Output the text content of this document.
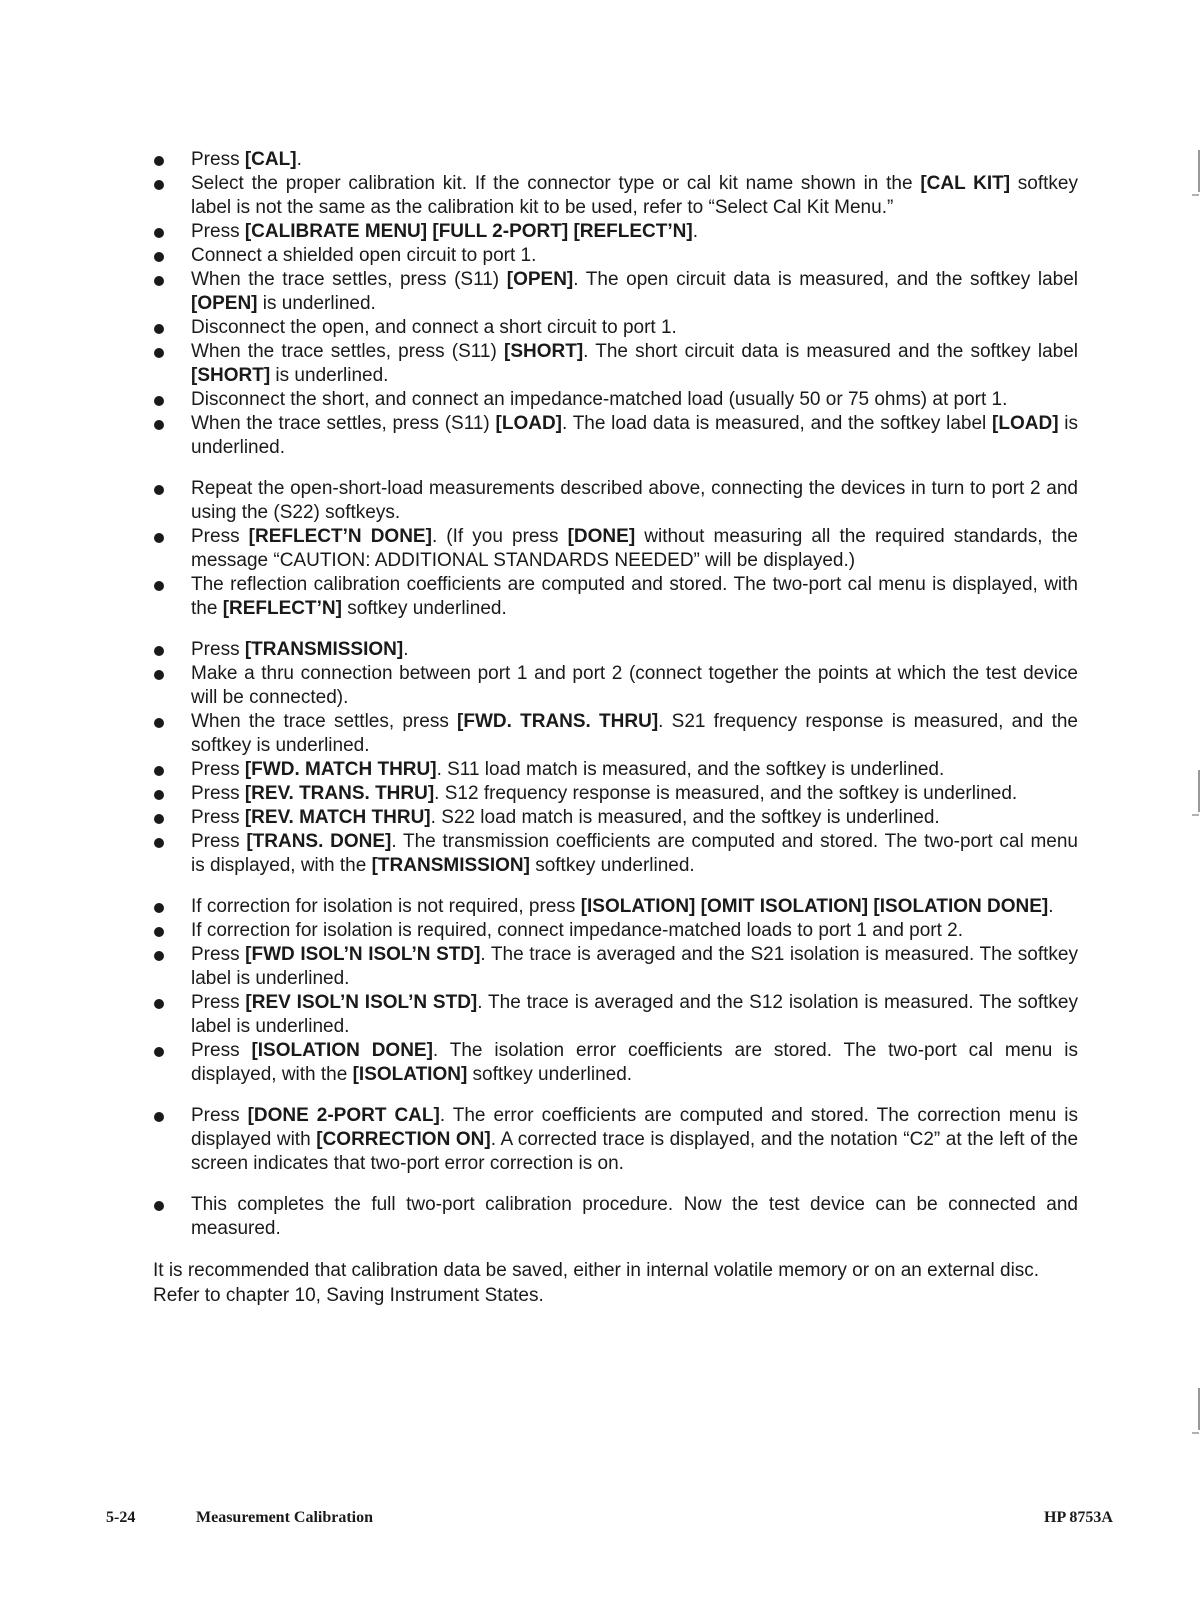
Press [CAL].
Select the proper calibration kit. If the connector type or cal kit name shown in the [CAL KIT] softkey label is not the same as the calibration kit to be used, refer to “Select Cal Kit Menu.”
Press [CALIBRATE MENU] [FULL 2-PORT] [REFLECT’N].
Connect a shielded open circuit to port 1.
When the trace settles, press (S11) [OPEN]. The open circuit data is measured, and the softkey label [OPEN] is underlined.
Disconnect the open, and connect a short circuit to port 1.
When the trace settles, press (S11) [SHORT]. The short circuit data is measured and the softkey label [SHORT] is underlined.
Disconnect the short, and connect an impedance-matched load (usually 50 or 75 ohms) at port 1.
When the trace settles, press (S11) [LOAD]. The load data is measured, and the softkey label [LOAD] is underlined.
Repeat the open-short-load measurements described above, connecting the devices in turn to port 2 and using the (S22) softkeys.
Press [REFLECT’N DONE]. (If you press [DONE] without measuring all the required standards, the message “CAUTION: ADDITIONAL STANDARDS NEEDED” will be displayed.)
The reflection calibration coefficients are computed and stored. The two-port cal menu is displayed, with the [REFLECT’N] softkey underlined.
Press [TRANSMISSION].
Make a thru connection between port 1 and port 2 (connect together the points at which the test device will be connected).
When the trace settles, press [FWD. TRANS. THRU]. S21 frequency response is measured, and the softkey is underlined.
Press [FWD. MATCH THRU]. S11 load match is measured, and the softkey is underlined.
Press [REV. TRANS. THRU]. S12 frequency response is measured, and the softkey is underlined.
Press [REV. MATCH THRU]. S22 load match is measured, and the softkey is underlined.
Press [TRANS. DONE]. The transmission coefficients are computed and stored. The two-port cal menu is displayed, with the [TRANSMISSION] softkey underlined.
If correction for isolation is not required, press [ISOLATION] [OMIT ISOLATION] [ISOLATION DONE].
If correction for isolation is required, connect impedance-matched loads to port 1 and port 2.
Press [FWD ISOL’N ISOL’N STD]. The trace is averaged and the S21 isolation is measured. The softkey label is underlined.
Press [REV ISOL’N ISOL’N STD]. The trace is averaged and the S12 isolation is measured. The softkey label is underlined.
Press [ISOLATION DONE]. The isolation error coefficients are stored. The two-port cal menu is displayed, with the [ISOLATION] softkey underlined.
Press [DONE 2-PORT CAL]. The error coefficients are computed and stored. The correction menu is displayed with [CORRECTION ON]. A corrected trace is displayed, and the notation “C2” at the left of the screen indicates that two-port error correction is on.
This completes the full two-port calibration procedure. Now the test device can be connected and measured.

It is recommended that calibration data be saved, either in internal volatile memory or on an external disc. Refer to chapter 10, Saving Instrument States.

5-24	Measurement Calibration	HP 8753A
